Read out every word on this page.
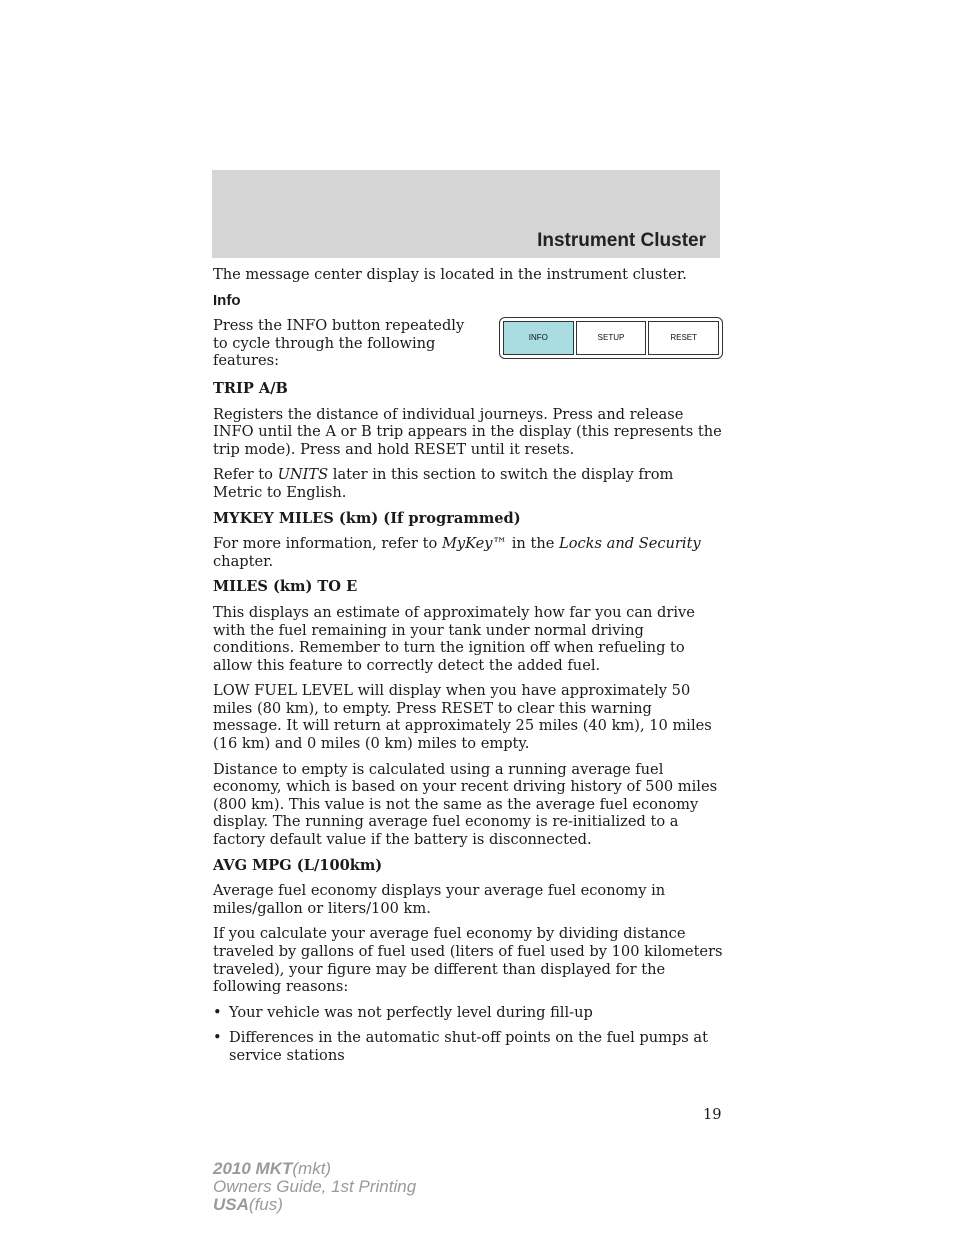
Instrument Cluster

The message center display is located in the instrument cluster.

Info

Press the INFO button repeatedly to cycle through the following features:

INFO	SETUP	RESET
TRIP A/B

Registers the distance of individual journeys. Press and release INFO until the A or B trip appears in the display (this represents the trip mode). Press and hold RESET until it resets.

Refer to UNITS later in this section to switch the display from Metric to English.

MYKEY MILES (km) (If programmed)

For more information, refer to MyKey™ in the Locks and Security chapter.

MILES (km) TO E

This displays an estimate of approximately how far you can drive with the fuel remaining in your tank under normal driving conditions. Remember to turn the ignition off when refueling to allow this feature to correctly detect the added fuel.

LOW FUEL LEVEL will display when you have approximately 50 miles (80 km), to empty. Press RESET to clear this warning message. It will return at approximately 25 miles (40 km), 10 miles (16 km) and 0 miles (0 km) miles to empty.

Distance to empty is calculated using a running average fuel economy, which is based on your recent driving history of 500 miles (800 km). This value is not the same as the average fuel economy display. The running average fuel economy is re-initialized to a factory default value if the battery is disconnected.

AVG MPG (L/100km)

Average fuel economy displays your average fuel economy in miles/gallon or liters/100 km.

If you calculate your average fuel economy by dividing distance traveled by gallons of fuel used (liters of fuel used by 100 kilometers traveled), your figure may be different than displayed for the following reasons:

• Your vehicle was not perfectly level during fill-up
• Differences in the automatic shut-off points on the fuel pumps at service stations
19
2010 MKT(mkt)
Owners Guide, 1st Printing
USA(fus)
